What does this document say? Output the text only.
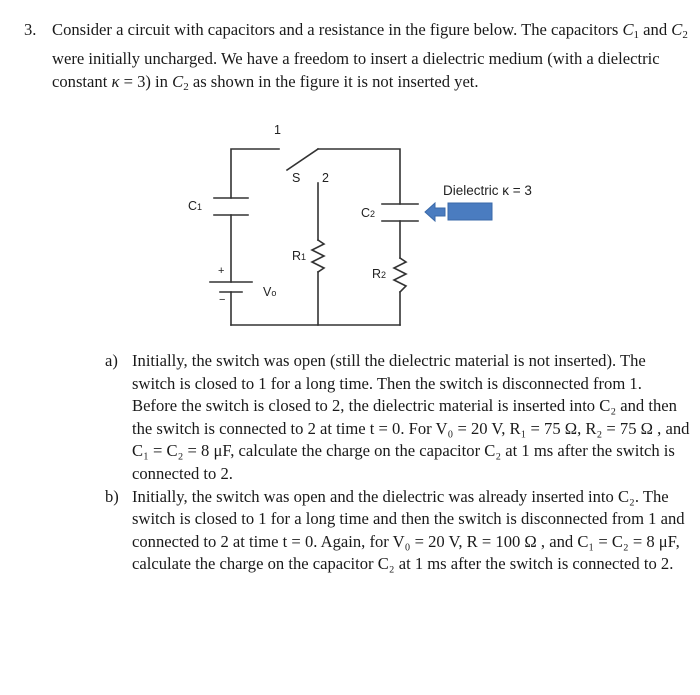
3. Consider a circuit with capacitors and a resistance in the figure below. The capacitors $C_1$ and $C_2$ were initially uncharged. We have a freedom to insert a dielectric medium (with a dielectric constant κ = 3) in $C_2$ as shown in the figure it is not inserted yet.
1
S 2
C1	C2
R1
R2
Vo
+
−
Dielectric κ = 3
a) Initially, the switch was open (still the dielectric material is not inserted). The switch is closed to 1 for a long time. Then the switch is disconnected from 1. Before the switch is closed to 2, the dielectric material is inserted into C₂ and then the switch is connected to 2 at time t = 0. For V₀ = 20 V, R₁ = 75 Ω, R₂ = 75 Ω , and C₁ = C₂ = 8 μF, calculate the charge on the capacitor C₂ at 1 ms after the switch is connected to 2.
b) Initially, the switch was open and the dielectric was already inserted into C₂. The switch is closed to 1 for a long time and then the switch is disconnected from 1 and connected to 2 at time t = 0. Again, for V₀ = 20 V, R = 100 Ω , and C₁ = C₂ = 8 μF, calculate the charge on the capacitor C₂ at 1 ms after the switch is connected to 2.
